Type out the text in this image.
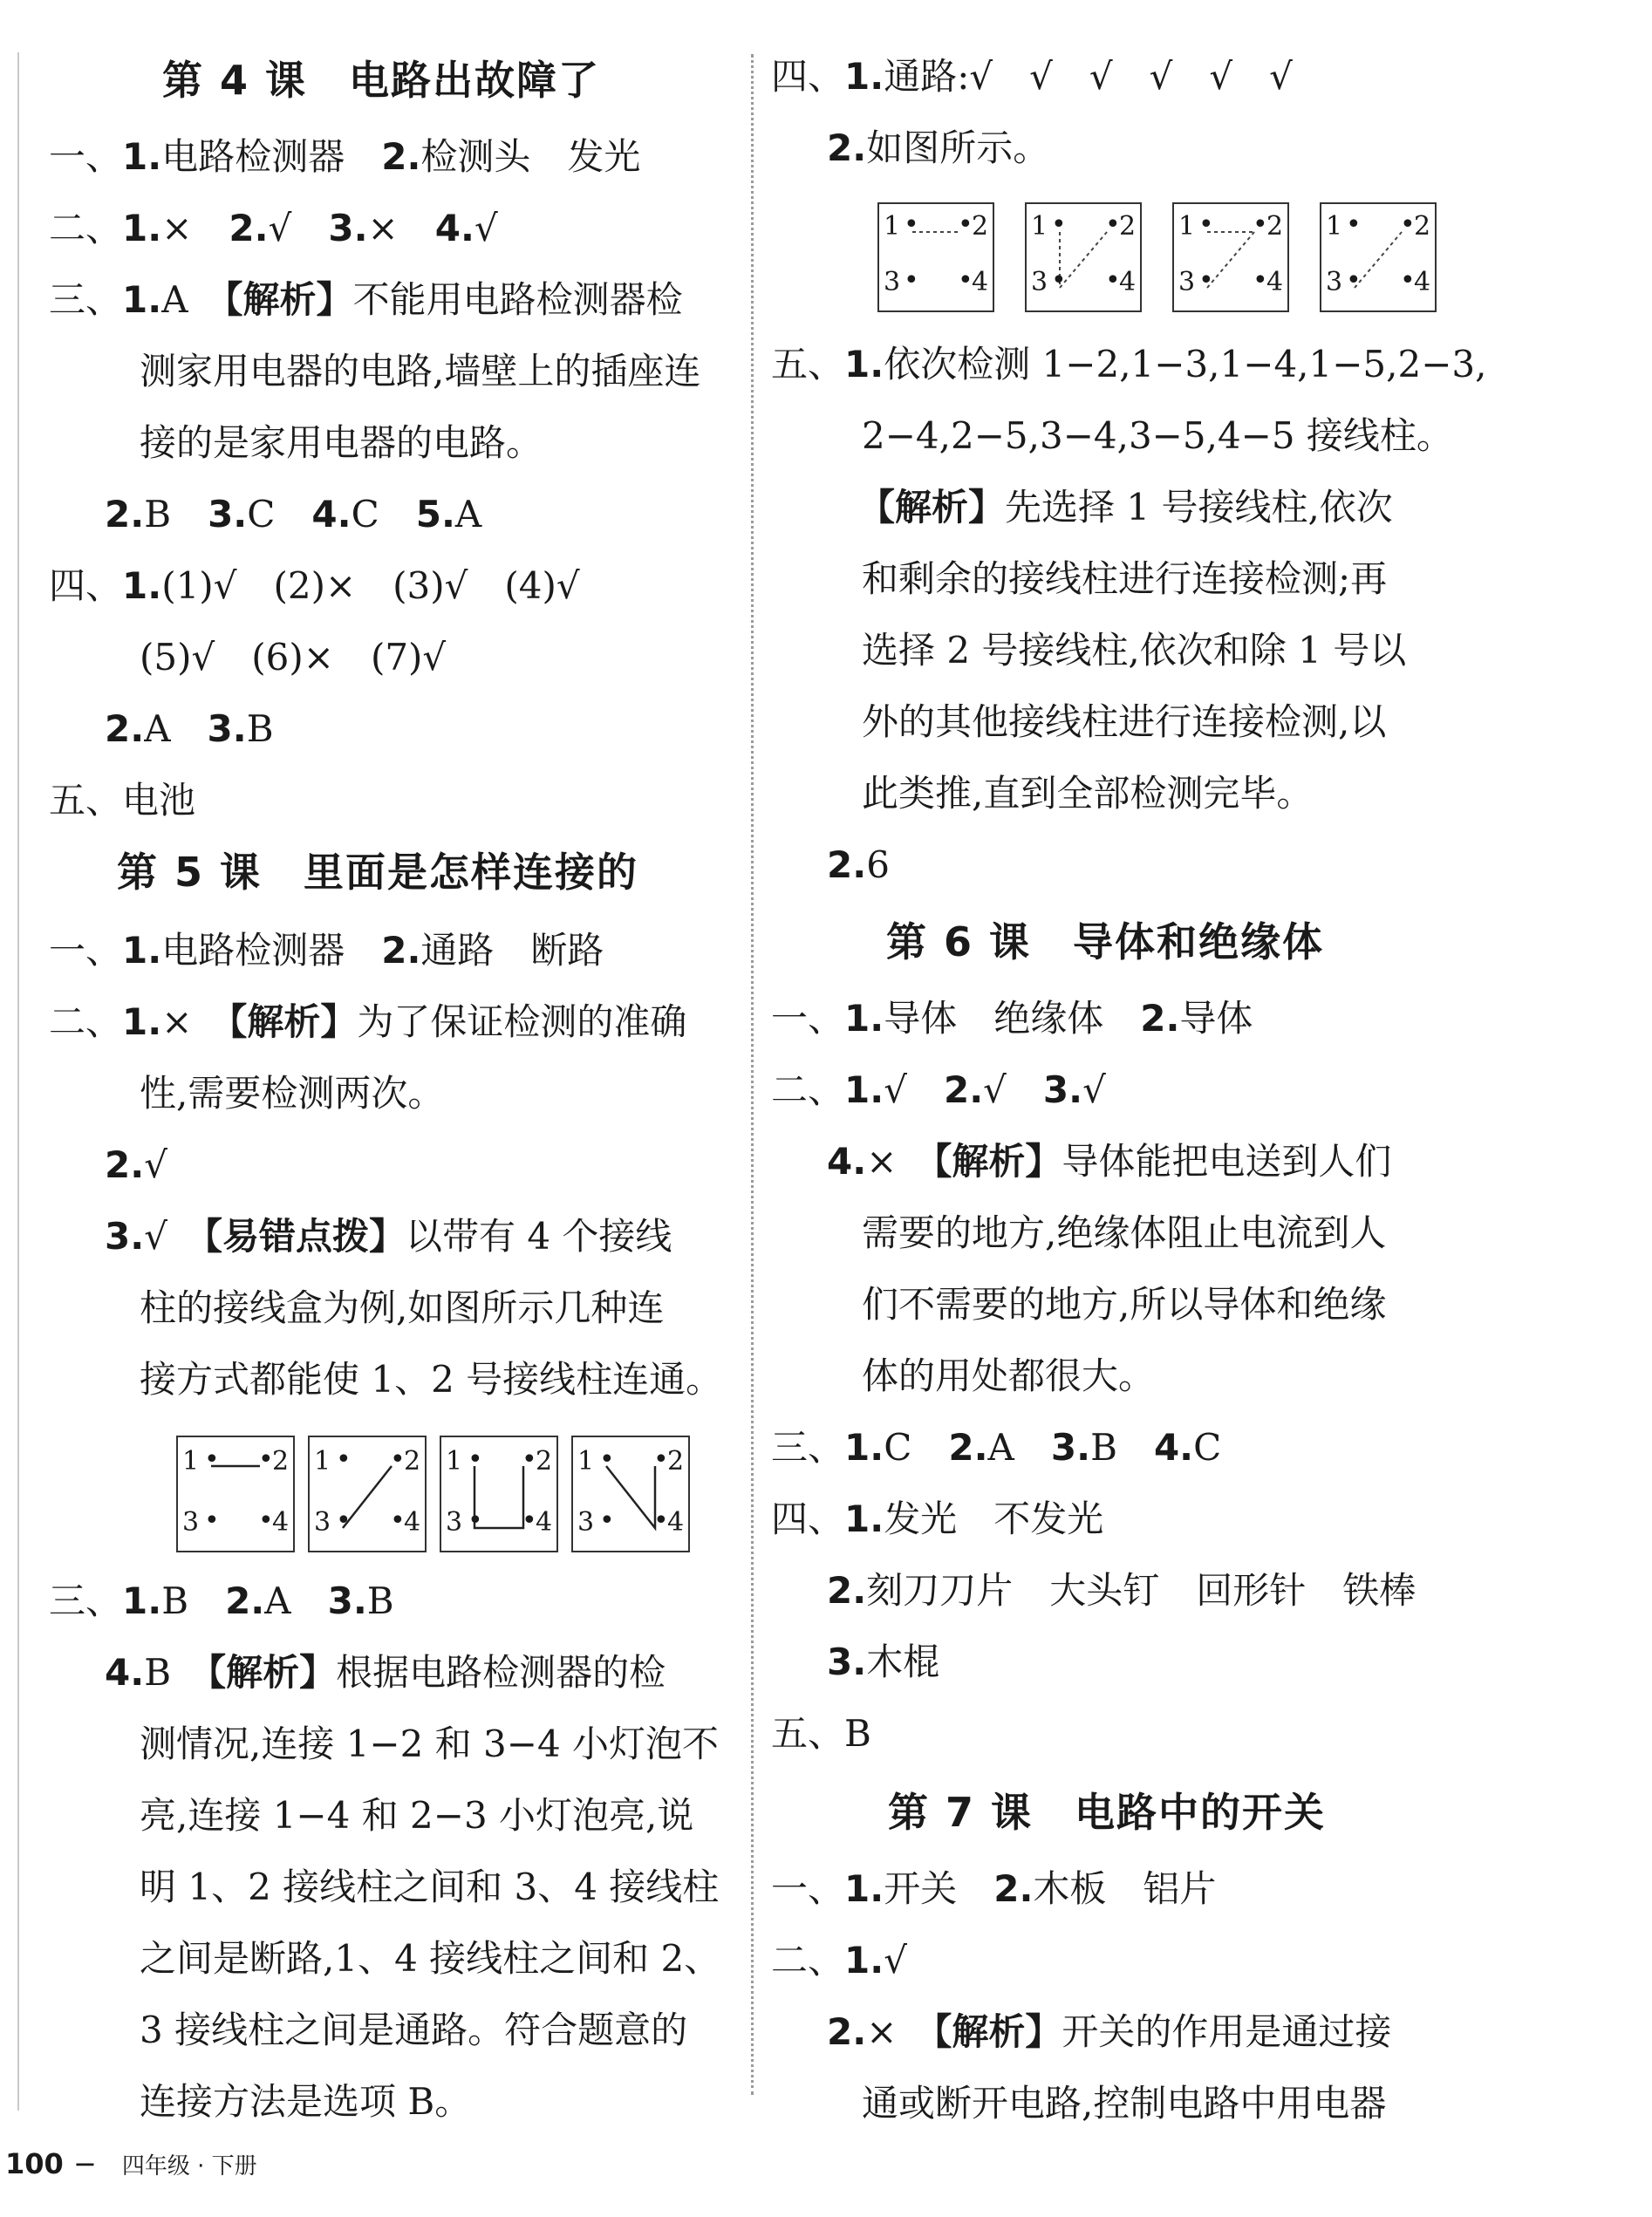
第 4 课　电路出故障了
一、1.电路检测器　2.检测头　发光
二、1.×　2.√　3.×　4.√
三、1.A　【解析】不能用电路检测器检
测家用电器的电路,墙壁上的插座连
接的是家用电器的电路。
2.B　3.C　4.C　5.A
四、1.(1)√　(2)×　(3)√　(4)√
(5)√　(6)×　(7)√
2.A　3.B
五、电池
第 5 课　里面是怎样连接的
一、1.电路检测器　2.通路　断路
二、1.×　【解析】为了保证检测的准确
性,需要检测两次。
2.√
3.√　【易错点拨】以带有 4 个接线
柱的接线盒为例,如图所示几种连
接方式都能使 1、2 号接线柱连通。
1 • •
2
3 • •
4
1 • •
2
3 • •
4
1 • •
2
3 • •
4
1 • •
2
3 • •
4
三、1.B　2.A　3.B
4.B　【解析】根据电路检测器的检
测情况,连接 1−2 和 3−4 小灯泡不
亮,连接 1−4 和 2−3 小灯泡亮,说
明 1、2 接线柱之间和 3、4 接线柱
之间是断路,1、4 接线柱之间和 2、
3 接线柱之间是通路。符合题意的
连接方法是选项 B。
四、1.通路:√　√　√　√　√　√
2.如图所示。
1 • •
2
3 • •
4
1 • •
2
3 • •
4
1 • •
2
3 • •
4
1 • •
2
3 • •
4
五、1.依次检测 1−2,1−3,1−4,1−5,2−3,
2−4,2−5,3−4,3−5,4−5 接线柱。
【解析】先选择 1 号接线柱,依次
和剩余的接线柱进行连接检测;再
选择 2 号接线柱,依次和除 1 号以
外的其他接线柱进行连接检测,以
此类推,直到全部检测完毕。
2.6
第 6 课　导体和绝缘体
一、1.导体　绝缘体　2.导体
二、1.√　2.√　3.√
4.×　【解析】导体能把电送到人们
需要的地方,绝缘体阻止电流到人
们不需要的地方,所以导体和绝缘
体的用处都很大。
三、1.C　2.A　3.B　4.C
四、1.发光　不发光
2.刻刀刀片　大头钉　回形针　铁棒
3.木棍
五、B
第 7 课　电路中的开关
一、1.开关　2.木板　铝片
二、1.√
2.×　【解析】开关的作用是通过接
通或断开电路,控制电路中用电器
100 − 四年级 · 下册
